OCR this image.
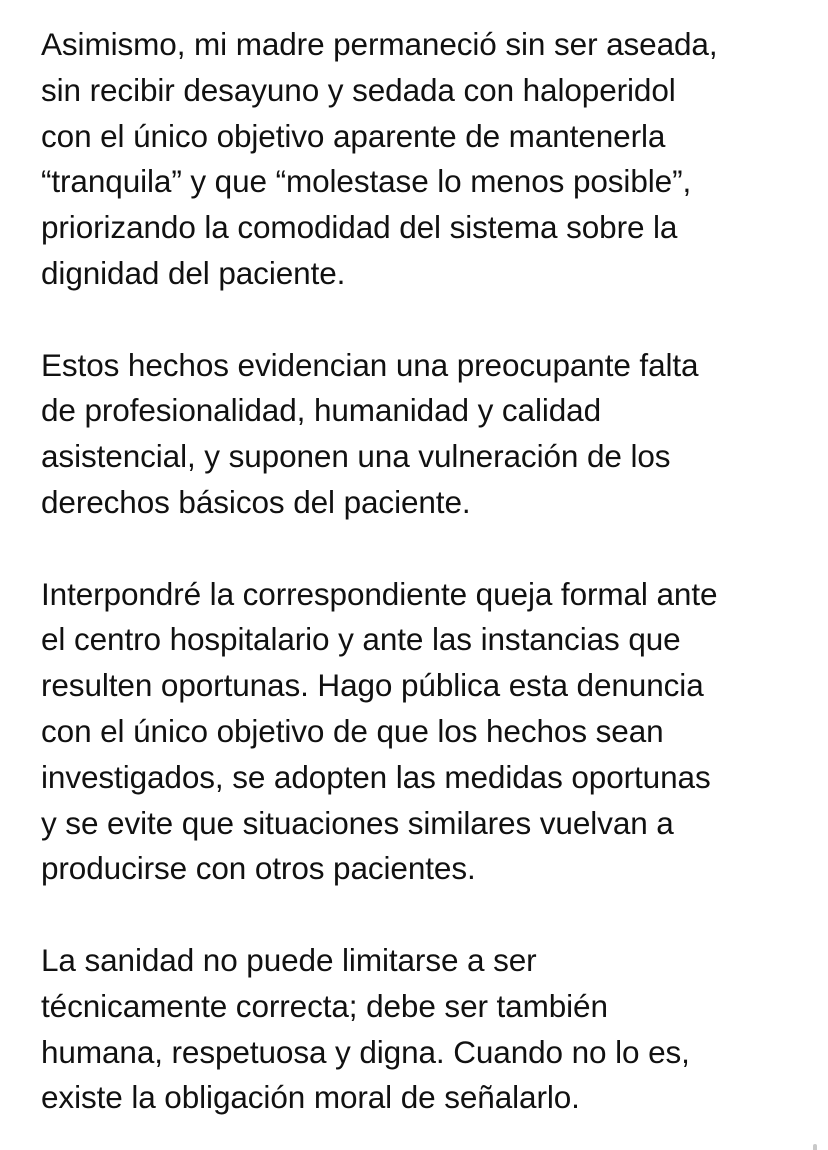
Asimismo, mi madre permaneció sin ser aseada,
sin recibir desayuno y sedada con haloperidol
con el único objetivo aparente de mantenerla
“tranquila” y que “molestase lo menos posible”,
priorizando la comodidad del sistema sobre la
dignidad del paciente.
Estos hechos evidencian una preocupante falta
de profesionalidad, humanidad y calidad
asistencial, y suponen una vulneración de los
derechos básicos del paciente.
Interpondré la correspondiente queja formal ante
el centro hospitalario y ante las instancias que
resulten oportunas. Hago pública esta denuncia
con el único objetivo de que los hechos sean
investigados, se adopten las medidas oportunas
y se evite que situaciones similares vuelvan a
producirse con otros pacientes.
La sanidad no puede limitarse a ser
técnicamente correcta; debe ser también
humana, respetuosa y digna. Cuando no lo es,
existe la obligación moral de señalarlo.
